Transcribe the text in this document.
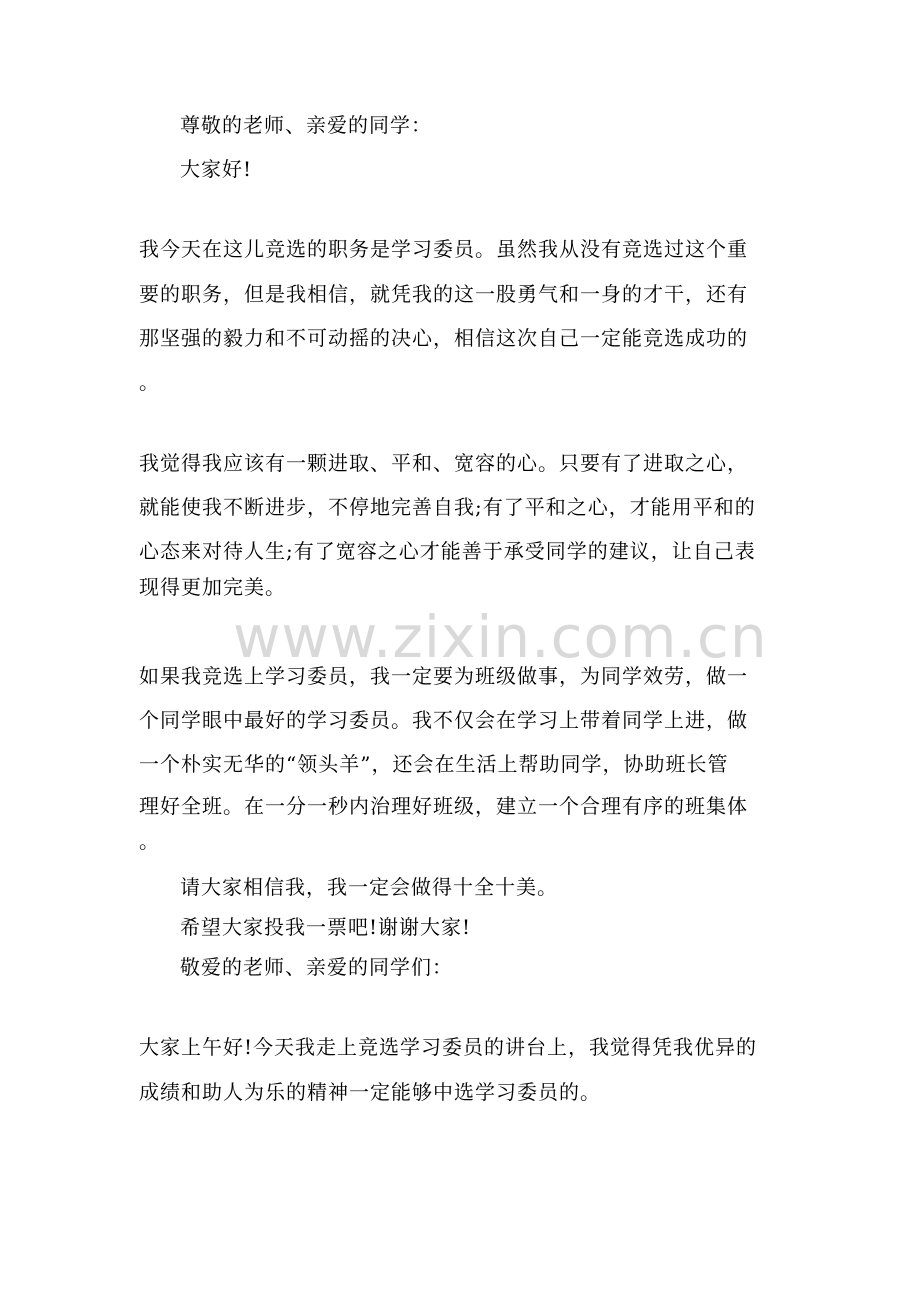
尊敬的老师、亲爱的同学：
大家好!
我今天在这儿竞选的职务是学习委员。虽然我从没有竞选过这个重
要的职务，但是我相信，就凭我的这一股勇气和一身的才干，还有
那坚强的毅力和不可动摇的决心，相信这次自己一定能竞选成功的
。
我觉得我应该有一颗进取、平和、宽容的心。只要有了进取之心，
就能使我不断进步，不停地完善自我;有了平和之心，才能用平和的
心态来对待人生;有了宽容之心才能善于承受同学的建议，让自己表
现得更加完美。
www.zixin.com.cn
如果我竞选上学习委员，我一定要为班级做事，为同学效劳，做一
个同学眼中最好的学习委员。我不仅会在学习上带着同学上进，做
一个朴实无华的“领头羊”，还会在生活上帮助同学，协助班长管
理好全班。在一分一秒内治理好班级，建立一个合理有序的班集体
。
请大家相信我，我一定会做得十全十美。
希望大家投我一票吧!谢谢大家!
敬爱的老师、亲爱的同学们：
大家上午好!今天我走上竞选学习委员的讲台上，我觉得凭我优异的
成绩和助人为乐的精神一定能够中选学习委员的。
